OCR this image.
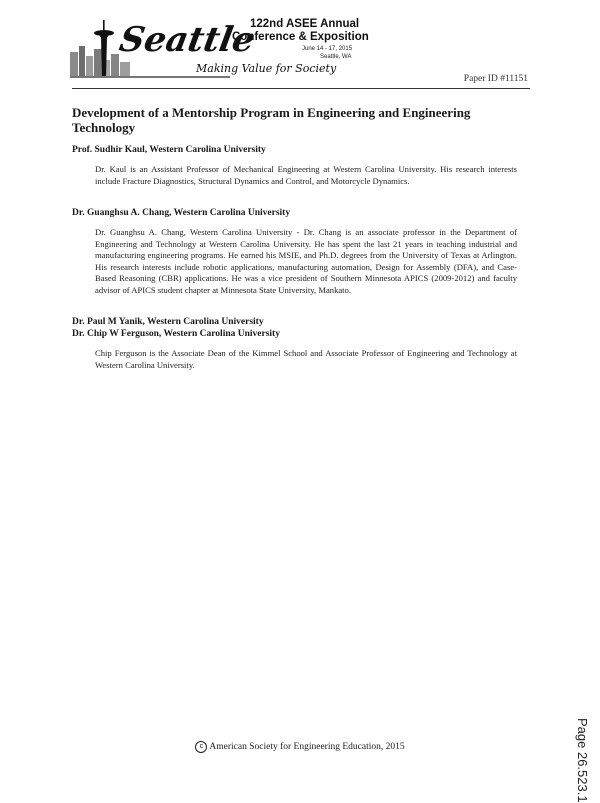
Seattle
Making Value for Society
122nd ASEE Annual
Conference & Exposition
June 14 - 17, 2015
Seattle, WA
Paper ID #11151
Development of a Mentorship Program in Engineering and Engineering Technology
Prof. Sudhir Kaul, Western Carolina University
Dr. Kaul is an Assistant Professor of Mechanical Engineering at Western Carolina University. His research interests include Fracture Diagnostics, Structural Dynamics and Control, and Motorcycle Dynamics.
Dr. Guanghsu A. Chang, Western Carolina University
Dr. Guanghsu A. Chang, Western Carolina University - Dr. Chang is an associate professor in the Department of Engineering and Technology at Western Carolina University. He has spent the last 21 years in teaching industrial and manufacturing engineering programs. He earned his MSIE, and Ph.D. degrees from the University of Texas at Arlington. His research interests include robotic applications, manufacturing automation, Design for Assembly (DFA), and Case-Based Reasoning (CBR) applications. He was a vice president of Southern Minnesota APICS (2009-2012) and faculty advisor of APICS student chapter at Minnesota State University, Mankato.
Dr. Paul M Yanik, Western Carolina University
Dr. Chip W Ferguson, Western Carolina University
Chip Ferguson is the Associate Dean of the Kimmel School and Associate Professor of Engineering and Technology at Western Carolina University.
Page 26.523.1
c American Society for Engineering Education, 2015
